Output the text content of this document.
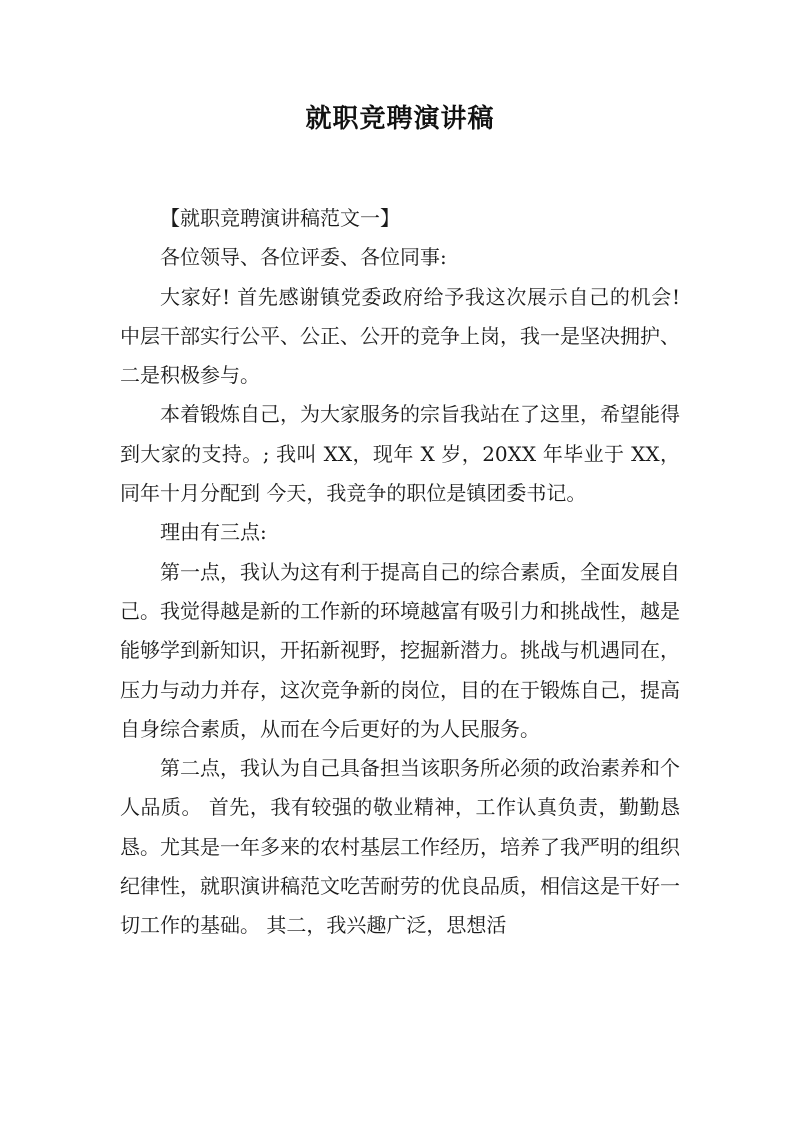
就职竞聘演讲稿

【就职竞聘演讲稿范文一】

各位领导、各位评委、各位同事:

大家好! 首先感谢镇党委政府给予我这次展示自己的机会!中层干部实行公平、公正、公开的竞争上岗，我一是坚决拥护、二是积极参与。

本着锻炼自己，为大家服务的宗旨我站在了这里，希望能得到大家的支持。; 我叫 XX，现年 X 岁，20XX 年毕业于 XX，同年十月分配到 今天，我竞争的职位是镇团委书记。

理由有三点:

第一点，我认为这有利于提高自己的综合素质，全面发展自己。我觉得越是新的工作新的环境越富有吸引力和挑战性，越是能够学到新知识，开拓新视野，挖掘新潜力。挑战与机遇同在，压力与动力并存，这次竞争新的岗位，目的在于锻炼自己，提高自身综合素质，从而在今后更好的为人民服务。

第二点，我认为自己具备担当该职务所必须的政治素养和个人品质。 首先，我有较强的敬业精神，工作认真负责，勤勤恳恳。尤其是一年多来的农村基层工作经历，培养了我严明的组织纪律性，就职演讲稿范文吃苦耐劳的优良品质，相信这是干好一切工作的基础。 其二，我兴趣广泛，思想活
